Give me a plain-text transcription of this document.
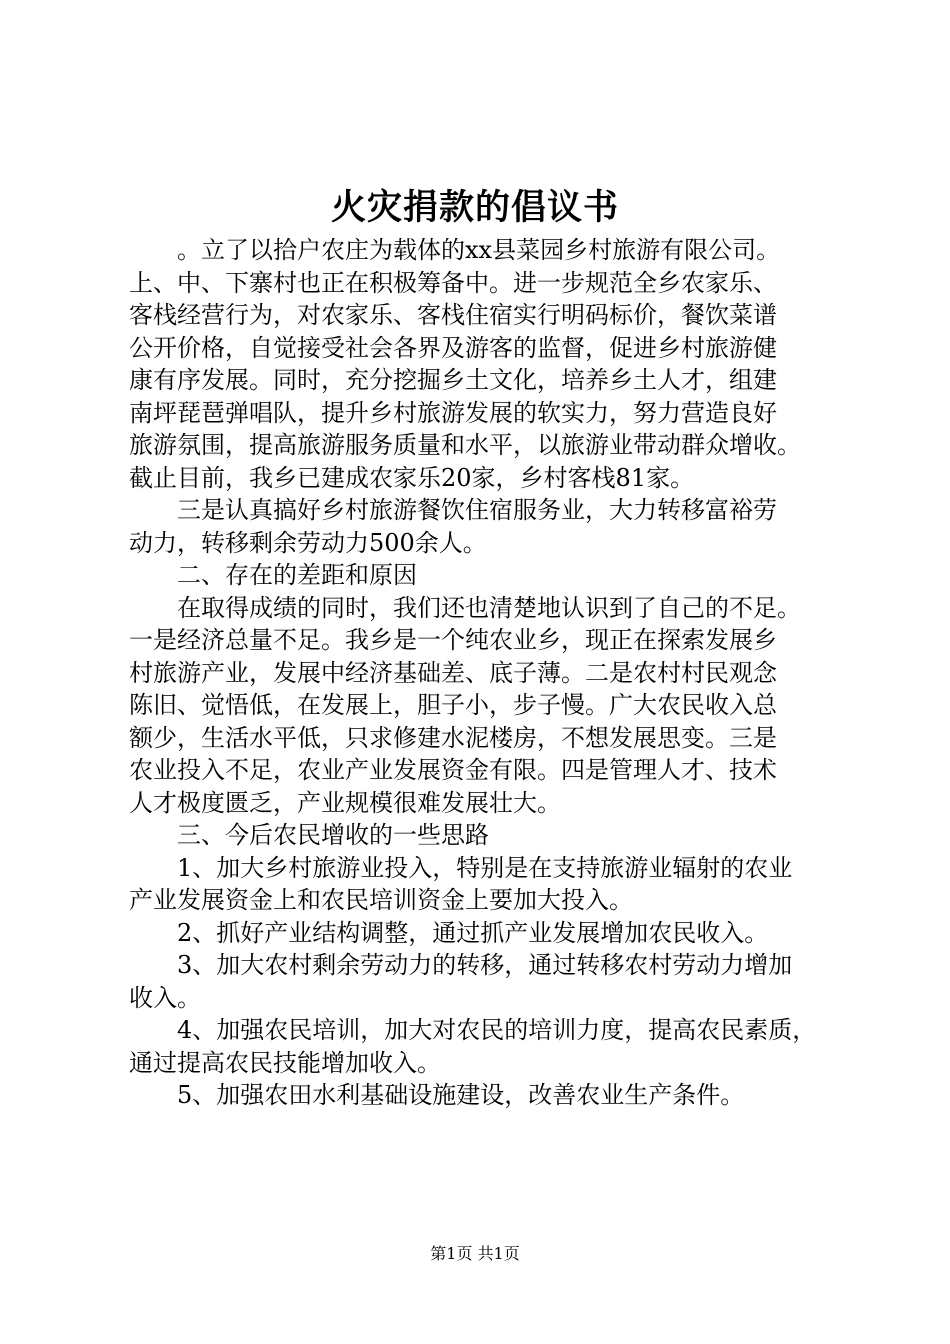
火灾捐款的倡议书
。立了以拾户农庄为载体的xx县菜园乡村旅游有限公司。
上、中、下寨村也正在积极筹备中。进一步规范全乡农家乐、
客栈经营行为，对农家乐、客栈住宿实行明码标价，餐饮菜谱
公开价格，自觉接受社会各界及游客的监督，促进乡村旅游健
康有序发展。同时，充分挖掘乡土文化，培养乡土人才，组建
南坪琵琶弹唱队，提升乡村旅游发展的软实力，努力营造良好
旅游氛围，提高旅游服务质量和水平，以旅游业带动群众增收。
截止目前，我乡已建成农家乐20家，乡村客栈81家。
三是认真搞好乡村旅游餐饮住宿服务业，大力转移富裕劳
动力，转移剩余劳动力500余人。
二、存在的差距和原因
在取得成绩的同时，我们还也清楚地认识到了自己的不足。
一是经济总量不足。我乡是一个纯农业乡，现正在探索发展乡
村旅游产业，发展中经济基础差、底子薄。二是农村村民观念
陈旧、觉悟低，在发展上，胆子小，步子慢。广大农民收入总
额少，生活水平低，只求修建水泥楼房，不想发展思变。三是
农业投入不足，农业产业发展资金有限。四是管理人才、技术
人才极度匮乏，产业规模很难发展壮大。
三、今后农民增收的一些思路
1、加大乡村旅游业投入，特别是在支持旅游业辐射的农业
产业发展资金上和农民培训资金上要加大投入。
2、抓好产业结构调整，通过抓产业发展增加农民收入。
3、加大农村剩余劳动力的转移，通过转移农村劳动力增加
收入。
4、加强农民培训，加大对农民的培训力度，提高农民素质，
通过提高农民技能增加收入。
5、加强农田水利基础设施建设，改善农业生产条件。
第1页 共1页
